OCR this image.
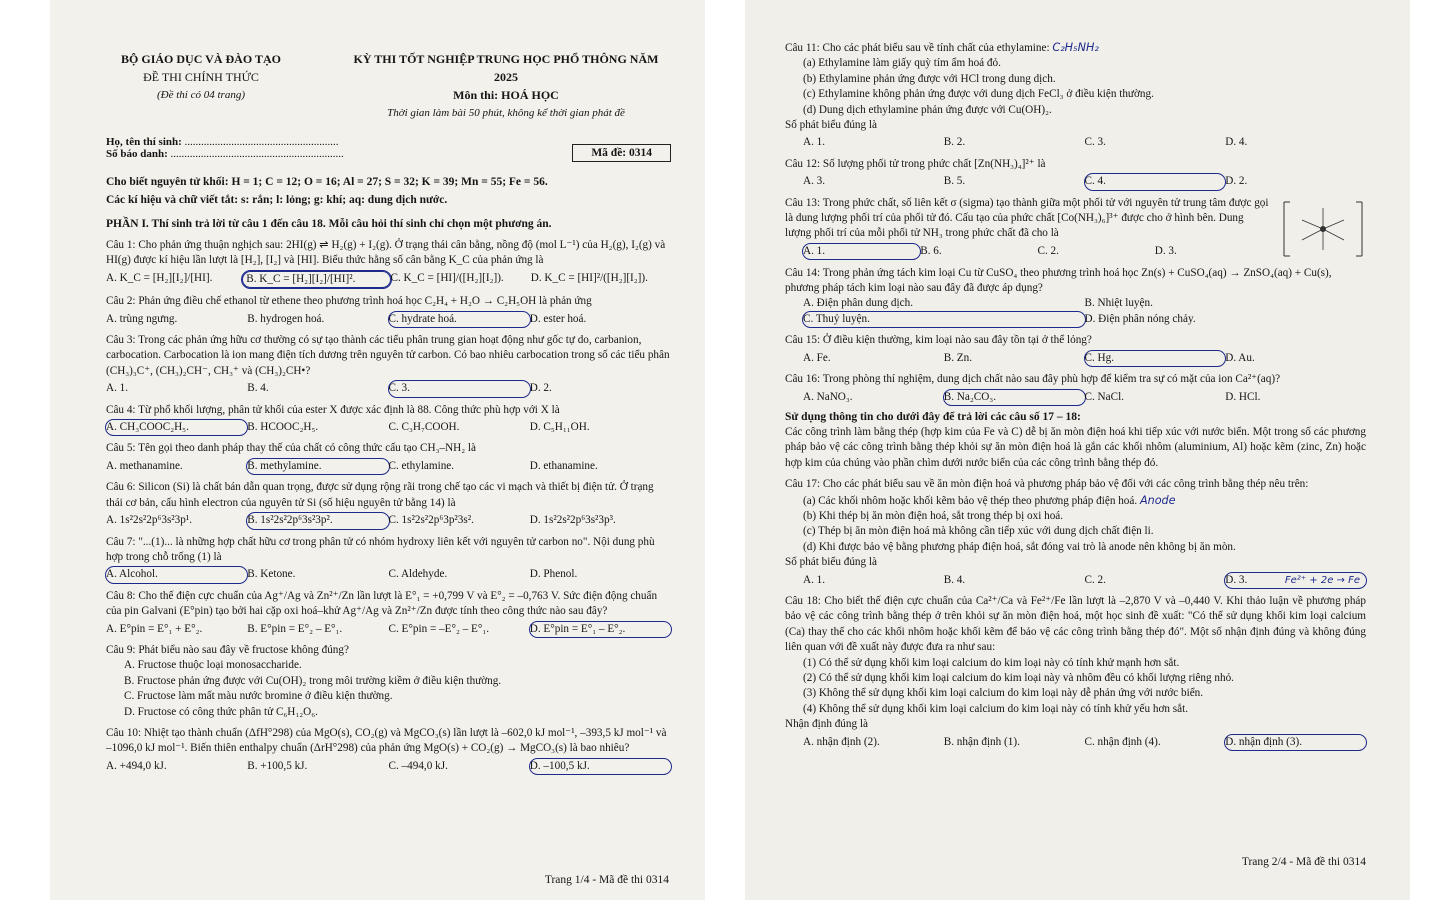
BỘ GIÁO DỤC VÀ ĐÀO TẠO
ĐỀ THI CHÍNH THỨC
(Đề thi có 04 trang)
KỲ THI TỐT NGHIỆP TRUNG HỌC PHỔ THÔNG NĂM 2025
Môn thi: HOÁ HỌC
Thời gian làm bài 50 phút, không kể thời gian phát đề
Họ, tên thí sinh: ........................................................
Số báo danh: ...............................................................	Mã đề: 0314

Cho biết nguyên tử khối: H = 1; C = 12; O = 16; Al = 27; S = 32; K = 39; Mn = 55; Fe = 56.

Các kí hiệu và chữ viết tắt: s: rắn; l: lỏng; g: khí; aq: dung dịch nước.

PHẦN I. Thí sinh trả lời từ câu 1 đến câu 18. Mỗi câu hỏi thí sinh chỉ chọn một phương án.

Câu 1: Cho phản ứng thuận nghịch sau: 2HI(g) ⇌ H₂(g) + I₂(g). Ở trạng thái cân bằng, nồng độ (mol L⁻¹) của H₂(g), I₂(g) và HI(g) được kí hiệu lần lượt là [H₂], [I₂] và [HI]. Biểu thức hằng số cân bằng K_C của phản ứng là

A. K_C = [H₂][I₂]/[HI].	B. K_C = [H₂][I₂]/[HI]².	C. K_C = [HI]/([H₂][I₂]).	D. K_C = [HI]²/([H₂][I₂]).

Câu 2: Phản ứng điều chế ethanol từ ethene theo phương trình hoá học C₂H₄ + H₂O → C₂H₅OH là phản ứng

A. trùng ngưng.	B. hydrogen hoá.	C. hydrate hoá.	D. ester hoá.

Câu 3: Trong các phản ứng hữu cơ thường có sự tạo thành các tiểu phân trung gian hoạt động như gốc tự do, carbanion, carbocation. Carbocation là ion mang điện tích dương trên nguyên tử carbon. Có bao nhiêu carbocation trong số các tiểu phân (CH₃)₃C⁺, (CH₃)₂CH⁻, CH₃⁺ và (CH₃)₂CH•?

A. 1.	B. 4.	C. 3.	D. 2.

Câu 4: Từ phổ khối lượng, phân tử khối của ester X được xác định là 88. Công thức phù hợp với X là

A. CH₃COOC₂H₅.	B. HCOOC₂H₅.	C. C₃H₇COOH.	D. C₅H₁₁OH.

Câu 5: Tên gọi theo danh pháp thay thế của chất có công thức cấu tạo CH₃–NH₂ là

A. methanamine.	B. methylamine.	C. ethylamine.	D. ethanamine.

Câu 6: Silicon (Si) là chất bán dẫn quan trọng, được sử dụng rộng rãi trong chế tạo các vi mạch và thiết bị điện tử. Ở trạng thái cơ bản, cấu hình electron của nguyên tử Si (số hiệu nguyên tử bằng 14) là

A. 1s²2s²2p⁶3s²3p¹.	B. 1s²2s²2p⁶3s²3p².	C. 1s²2s²2p⁶3p²3s².	D. 1s²2s²2p⁶3s²3p³.

Câu 7: "...(1)... là những hợp chất hữu cơ trong phân tử có nhóm hydroxy liên kết với nguyên tử carbon no". Nội dung phù hợp trong chỗ trống (1) là

A. Alcohol.	B. Ketone.	C. Aldehyde.	D. Phenol.

Câu 8: Cho thế điện cực chuẩn của Ag⁺/Ag và Zn²⁺/Zn lần lượt là E°₁ = +0,799 V và E°₂ = –0,763 V. Sức điện động chuẩn của pin Galvani (E°pin) tạo bởi hai cặp oxi hoá–khử Ag⁺/Ag và Zn²⁺/Zn được tính theo công thức nào sau đây?

A. E°pin = E°₁ + E°₂.	B. E°pin = E°₂ – E°₁.	C. E°pin = –E°₂ – E°₁.	D. E°pin = E°₁ – E°₂.

Câu 9: Phát biểu nào sau đây về fructose không đúng?

A. Fructose thuộc loại monosaccharide.
B. Fructose phản ứng được với Cu(OH)₂ trong môi trường kiềm ở điều kiện thường.
C. Fructose làm mất màu nước bromine ở điều kiện thường.
D. Fructose có công thức phân tử C₆H₁₂O₆.

Câu 10: Nhiệt tạo thành chuẩn (ΔfH°298) của MgO(s), CO₂(g) và MgCO₃(s) lần lượt là –602,0 kJ mol⁻¹, –393,5 kJ mol⁻¹ và –1096,0 kJ mol⁻¹. Biến thiên enthalpy chuẩn (ΔrH°298) của phản ứng MgO(s) + CO₂(g) → MgCO₃(s) là bao nhiêu?

A. +494,0 kJ.	B. +100,5 kJ.	C. –494,0 kJ.	D. –100,5 kJ.
Trang 1/4 - Mã đề thi 0314

Câu 11: Cho các phát biểu sau về tính chất của ethylamine: C₂H₅NH₂

(a) Ethylamine làm giấy quỳ tím ẩm hoá đỏ.
(b) Ethylamine phản ứng được với HCl trong dung dịch.
(c) Ethylamine không phản ứng được với dung dịch FeCl₃ ở điều kiện thường.
(d) Dung dịch ethylamine phản ứng được với Cu(OH)₂.

Số phát biểu đúng là

A. 1.	B. 2.	C. 3.	D. 4.

Câu 12: Số lượng phối tử trong phức chất [Zn(NH₃)₄]²⁺ là

A. 3.	B. 5.	C. 4.	D. 2.

Câu 13: Trong phức chất, số liên kết σ (sigma) tạo thành giữa một phối tử với nguyên tử trung tâm được gọi là dung lượng phối trí của phối tử đó. Cấu tạo của phức chất [Co(NH₃)₆]³⁺ được cho ở hình bên. Dung lượng phối trí của mỗi phối tử NH₃ trong phức chất đã cho là

A. 1.	B. 6.	C. 2.	D. 3.

Câu 14: Trong phản ứng tách kim loại Cu từ CuSO₄ theo phương trình hoá học Zn(s) + CuSO₄(aq) → ZnSO₄(aq) + Cu(s), phương pháp tách kim loại nào sau đây đã được áp dụng?

A. Điện phân dung dịch.	B. Nhiệt luyện.
C. Thuỷ luyện.	D. Điện phân nóng chảy.

Câu 15: Ở điều kiện thường, kim loại nào sau đây tồn tại ở thể lỏng?

A. Fe.	B. Zn.	C. Hg.	D. Au.

Câu 16: Trong phòng thí nghiệm, dung dịch chất nào sau đây phù hợp để kiểm tra sự có mặt của ion Ca²⁺(aq)?

A. NaNO₃.	B. Na₂CO₃.	C. NaCl.	D. HCl.

Sử dụng thông tin cho dưới đây để trả lời các câu số 17 – 18:

Các công trình làm bằng thép (hợp kim của Fe và C) dễ bị ăn mòn điện hoá khi tiếp xúc với nước biển. Một trong số các phương pháp bảo vệ các công trình bằng thép khỏi sự ăn mòn điện hoá là gắn các khối nhôm (aluminium, Al) hoặc kẽm (zinc, Zn) hoặc hợp kim của chúng vào phần chìm dưới nước biển của các công trình bằng thép đó.

Câu 17: Cho các phát biểu sau về ăn mòn điện hoá và phương pháp bảo vệ đối với các công trình bằng thép nêu trên:

(a) Các khối nhôm hoặc khối kẽm bảo vệ thép theo phương pháp điện hoá. Anode
(b) Khi thép bị ăn mòn điện hoá, sắt trong thép bị oxi hoá.
(c) Thép bị ăn mòn điện hoá mà không cần tiếp xúc với dung dịch chất điện li.
(d) Khi được bảo vệ bằng phương pháp điện hoá, sắt đóng vai trò là anode nên không bị ăn mòn.

Số phát biểu đúng là

A. 1.	B. 4.	C. 2.	D. 3.

Câu 18: Cho biết thế điện cực chuẩn của Ca²⁺/Ca và Fe²⁺/Fe lần lượt là –2,870 V và –0,440 V. Khi thảo luận về phương pháp bảo vệ các công trình bằng thép ở trên khỏi sự ăn mòn điện hoá, một học sinh đề xuất: "Có thể sử dụng khối kim loại calcium (Ca) thay thế cho các khối nhôm hoặc khối kẽm để bảo vệ các công trình bằng thép đó". Một số nhận định đúng và không đúng liên quan với đề xuất này được đưa ra như sau:

(1) Có thể sử dụng khối kim loại calcium do kim loại này có tính khử mạnh hơn sắt.
(2) Có thể sử dụng khối kim loại calcium do kim loại này và nhôm đều có khối lượng riêng nhỏ.
(3) Không thể sử dụng khối kim loại calcium do kim loại này dễ phản ứng với nước biển.
(4) Không thể sử dụng khối kim loại calcium do kim loại này có tính khử yếu hơn sắt.

Nhận định đúng là

A. nhận định (2).	B. nhận định (1).	C. nhận định (4).	D. nhận định (3).
Trang 2/4 - Mã đề thi 0314
Fe²⁺ + 2e → Fe
